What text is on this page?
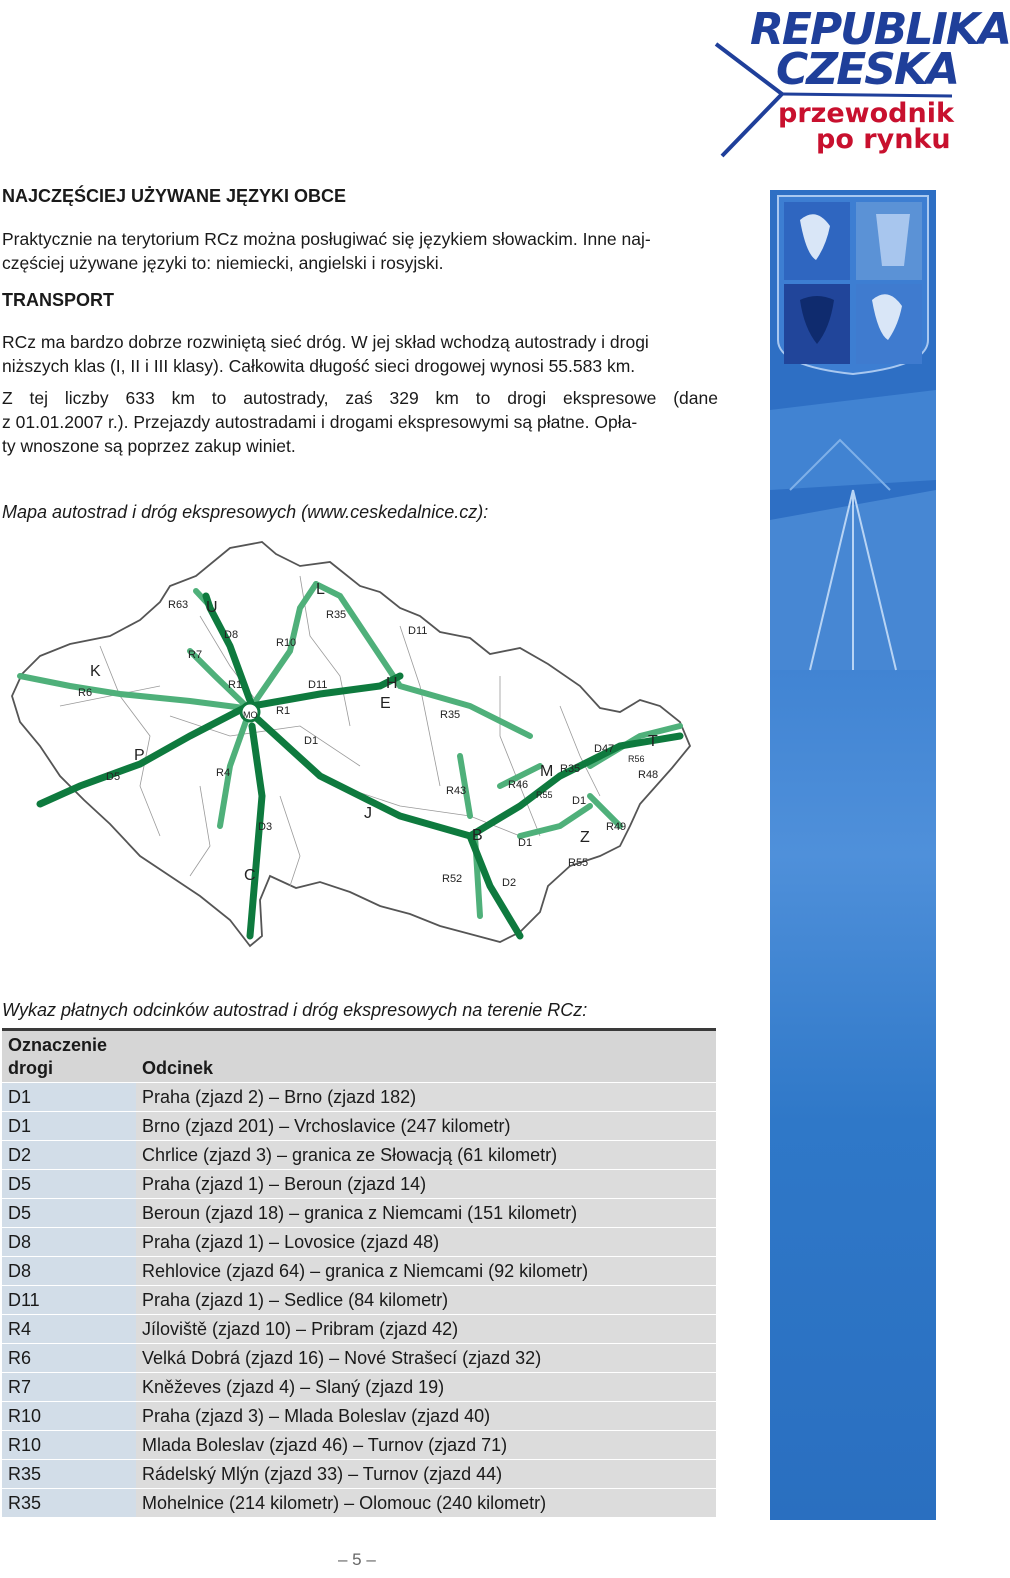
REPUBLIKA
CZESKA
przewodnik
po rynku
NAJCZĘŚCIEJ UŻYWANE JĘZYKI OBCE
Praktycznie na terytorium RCz można posługiwać się językiem słowackim. Inne naj-
częściej używane języki to: niemiecki, angielski i rosyjski.
TRANSPORT
RCz ma bardzo dobrze rozwiniętą sieć dróg. W jej skład wchodzą autostrady i drogi
niższych klas (I, II i III klasy). Całkowita długość sieci drogowej wynosi 55.583 km.
Z tej liczby 633 km to autostrady, zaś 329 km to drogi ekspresowe (dane
z 01.01.2007 r.). Przejazdy autostradami i drogami ekspresowymi są płatne. Opła-
ty wnoszone są poprzez zakup winiet.
Mapa autostrad i dróg ekspresowych (www.ceskedalnice.cz):
R63 U
L
R35
D8
R10
D11
R7
K
R6
R1	D11	H
E
MO R1	R35
D1
P
D5	R4
D47 T
R56
M R35	R48
R43	R46
R55 D1
J
D3	B	Z
R49
D1
R55
C	R52	D2
Wykaz płatnych odcinków autostrad i dróg ekspresowych na terenie RCz:
Oznaczenie
drogi	Odcinek
D1	Praha (zjazd 2) – Brno (zjazd 182)
D1	Brno (zjazd 201) – Vrchoslavice (247 kilometr)
D2	Chrlice (zjazd 3) – granica ze Słowacją (61 kilometr)
D5	Praha (zjazd 1) – Beroun (zjazd 14)
D5	Beroun (zjazd 18) – granica z Niemcami (151 kilometr)
D8	Praha (zjazd 1) – Lovosice (zjazd 48)
D8	Rehlovice (zjazd 64) – granica z Niemcami (92 kilometr)
D11	Praha (zjazd 1) – Sedlice (84 kilometr)
R4	Jíloviště (zjazd 10) – Pribram (zjazd 42)
R6	Velká Dobrá (zjazd 16) – Nové Strašecí (zjazd 32)
R7	Kněževes (zjazd 4) – Slaný (zjazd 19)
R10	Praha (zjazd 3) – Mlada Boleslav (zjazd 40)
R10	Mlada Boleslav (zjazd 46) – Turnov (zjazd 71)
R35	Rádelský Mlýn (zjazd 33) – Turnov (zjazd 44)
R35	Mohelnice (214 kilometr) – Olomouc (240 kilometr)
– 5 –
